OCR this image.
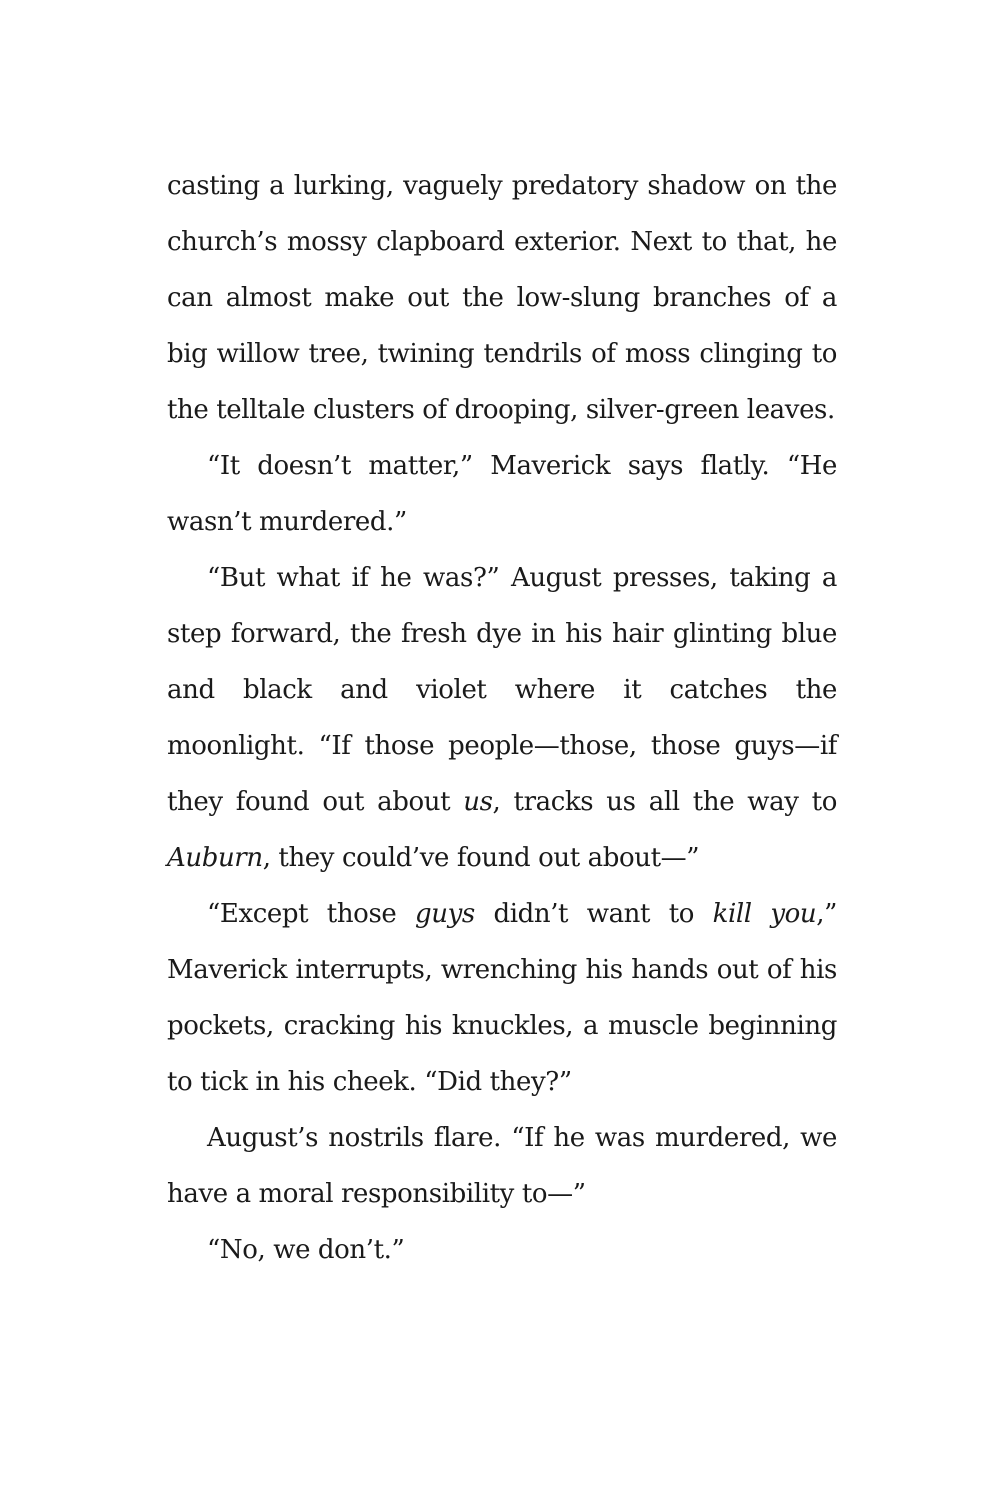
casting a lurking, vaguely predatory shadow on the church’s mossy clapboard exterior. Next to that, he can almost make out the low-slung branches of a big willow tree, twining tendrils of moss clinging to the telltale clusters of drooping, silver-green leaves.

“It doesn’t matter,” Maverick says flatly. “He wasn’t murdered.”

“But what if he was?” August presses, taking a step forward, the fresh dye in his hair glinting blue and black and violet where it catches the moonlight. “If those people—those, those guys—if they found out about us, tracks us all the way to Auburn, they could’ve found out about—”

“Except those guys didn’t want to kill you,” Maverick interrupts, wrenching his hands out of his pockets, cracking his knuckles, a muscle beginning to tick in his cheek. “Did they?”

August’s nostrils flare. “If he was murdered, we have a moral responsibility to—”

“No, we don’t.”
